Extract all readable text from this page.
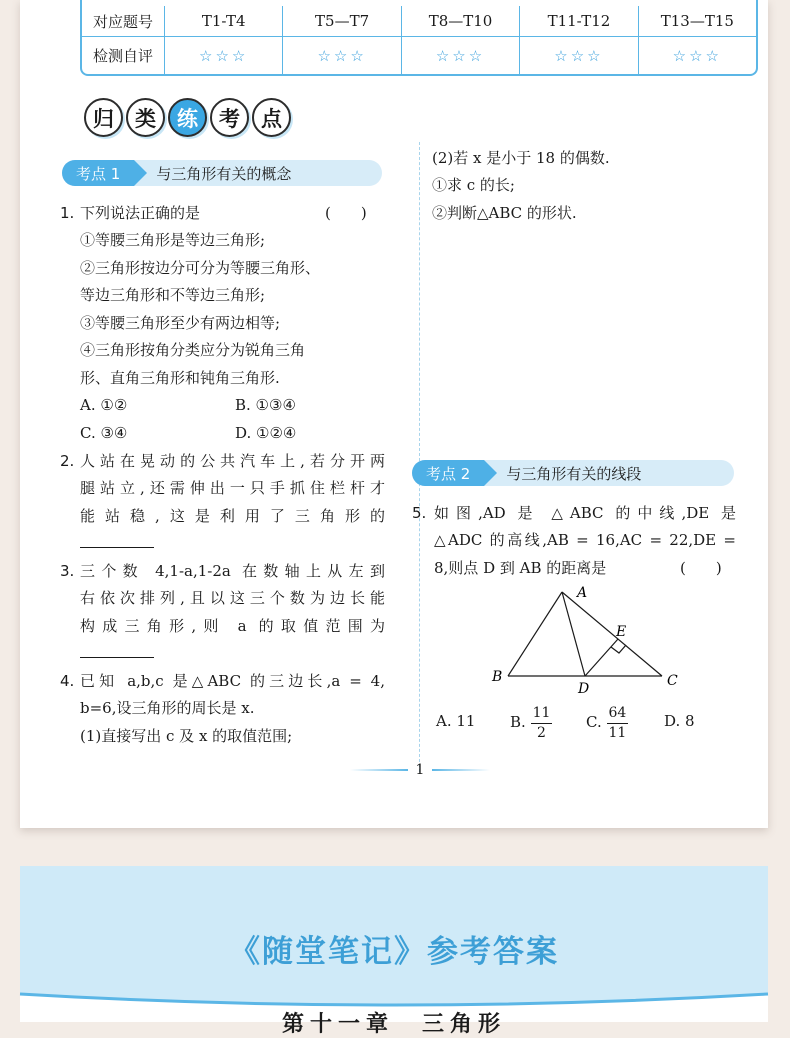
对应题号	T1-T4	T5—T7	T8—T10	T11-T12	T13—T15
检测自评	☆☆☆	☆☆☆	☆☆☆	☆☆☆	☆☆☆
归	类	练	考	点
考点 1	与三角形有关的概念
1. 下列说法正确的是	(　　)
①等腰三角形是等边三角形;
②三角形按边分可分为等腰三角形、
等边三角形和不等边三角形;
③等腰三角形至少有两边相等;
④三角形按角分类应分为锐角三角
形、直角三角形和钝角三角形.
A. ①②	B. ①③④
C. ③④	D. ①②④
2. 人站在晃动的公共汽车上,若分开两
腿站立,还需伸出一只手抓住栏杆才
能站稳,这是利用了三角形的
3. 三个数 4,1-a,1-2a 在数轴上从左到
右依次排列,且以这三个数为边长能
构成三角形,则 a 的取值范围为
4. 已知 a,b,c 是△ABC 的三边长,a = 4,
b=6,设三角形的周长是 x.
(1)直接写出 c 及 x 的取值范围;
(2)若 x 是小于 18 的偶数.
①求 c 的长;
②判断△ABC 的形状.
考点 2	与三角形有关的线段
5. 如图,AD 是 △ABC 的中线,DE 是
△ADC 的高线,AB = 16,AC = 22,DE =
8,则点 D 到 AB 的距离是	(　　)
A
B	C
D
E
A. 11 B. $\frac{11}{2} C$. $\frac{64}{11} D$. 8
1
《随堂笔记》参考答案
第十一章　三角形
